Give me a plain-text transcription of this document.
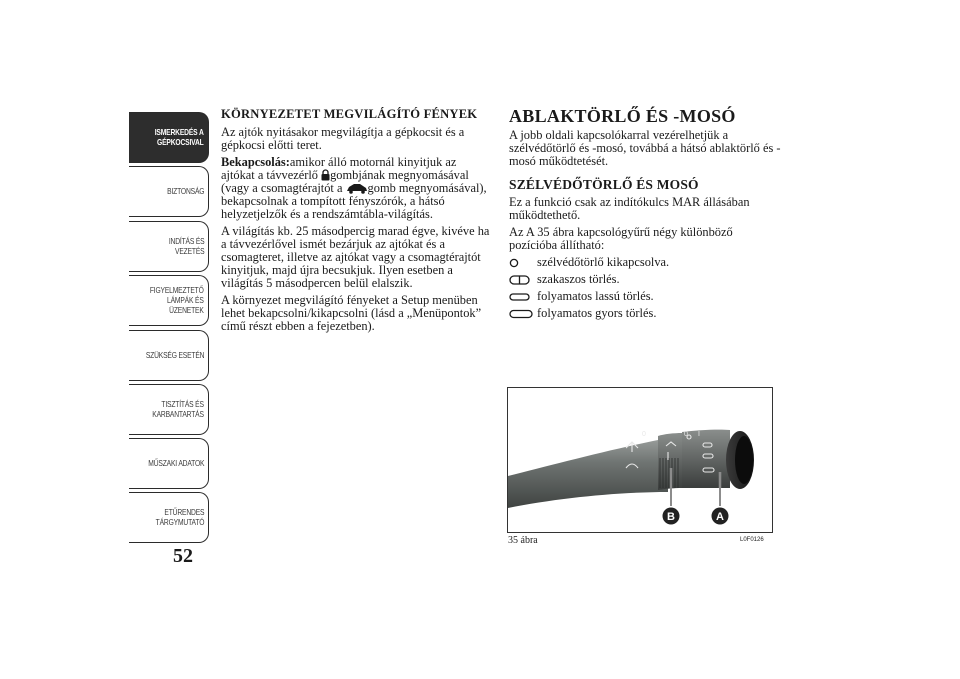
ISMERKEDÉS A
GÉPKOCSIVAL
BIZTONSÁG
INDÍTÁS ÉS
VEZETÉS
FIGYELMEZTETŐ
LÁMPÁK ÉS
ÜZENETEK
SZÜKSÉG ESETÉN
TISZTÍTÁS ÉS
KARBANTARTÁS
MŰSZAKI ADATOK
ETŰRENDES
TÁRGYMUTATÓ
52
KÖRNYEZETET MEGVILÁGÍTÓ FÉNYEK

Az ajtók nyitásakor megvilágítja a gépkocsit és a gépkocsi előtti teret.

Bekapcsolás:amikor álló motornál kinyitjuk az ajtókat a távvezérlő gombjának megnyomásával (vagy a csomagtérajtót a gomb megnyomásával), bekapcsolnak a tompított fényszórók, a hátsó helyzetjelzők és a rendszámtábla-világítás.

A világítás kb. 25 másodpercig marad égve, kivéve ha a távvezérlővel ismét bezárjuk az ajtókat és a csomagteret, illetve az ajtókat vagy a csomagtérajtót kinyitjuk, majd újra becsukjuk. Ilyen esetben a világítás 5 másodpercen belül elalszik.

A környezet megvilágító fényeket a Setup menüben lehet bekapcsolni/kikapcsolni (lásd a „Menüpontok” című részt ebben a fejezetben).

ABLAKTÖRLŐ ÉS -MOSÓ

A jobb oldali kapcsolókarral vezérelhetjük a szélvédőtörlő és -mosó, továbbá a hátsó ablaktörlő és -mosó működtetését.

SZÉLVÉDŐTÖRLŐ ÉS MOSÓ

Ez a funkció csak az indítókulcs MAR állásában működtethető.

Az A 35 ábra kapcsológyűrű négy különböző pozícióba állítható:

szélvédőtörlő kikapcsolva.
szakaszos törlés.
folyamatos lassú törlés.
folyamatos gyors törlés.
0	0 I
B	A
35 ábra	L0F0126
